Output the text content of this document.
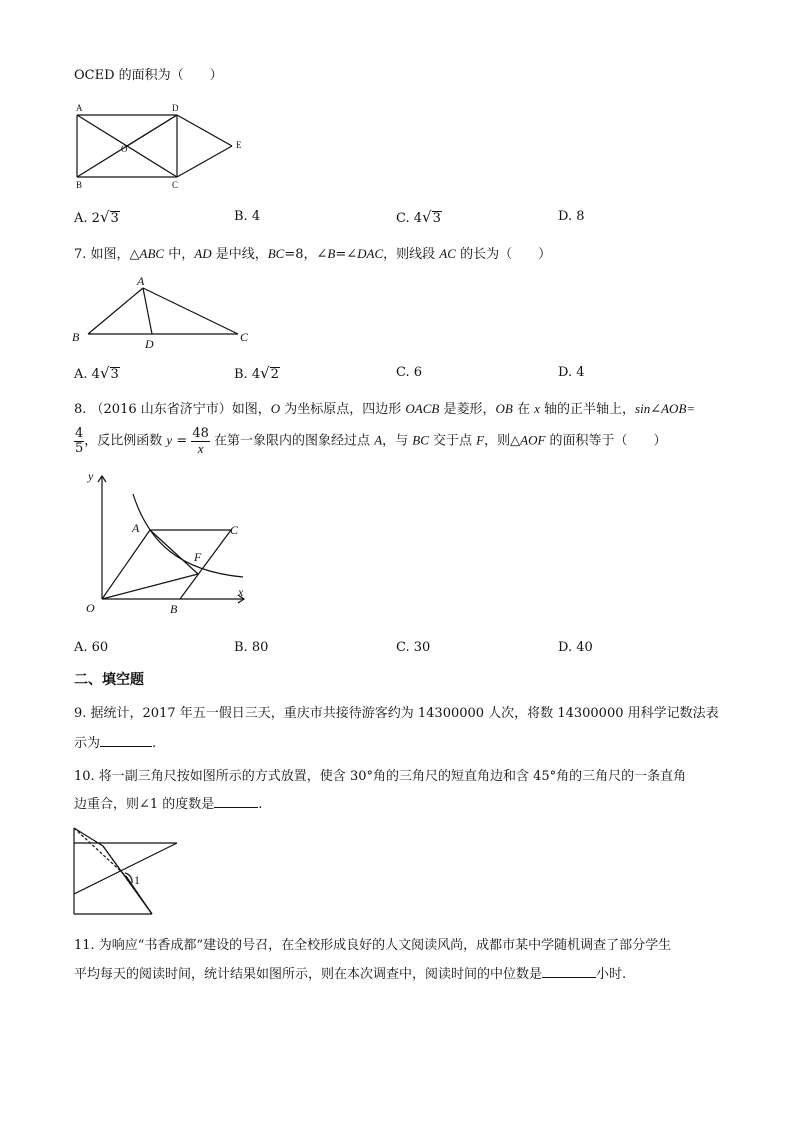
OCED 的面积为（　　）
A	D
O
B	C
E
A. 2√3	B. 4	C. 4√3	D. 8
7. 如图，△ABC 中，AD 是中线，BC=8，∠B=∠DAC，则线段 AC 的长为（　　）
A
B	D	C
A. 4√3	B. 4√2	C. 6	D. 4
8. （2016 山东省济宁市）如图，O 为坐标原点，四边形 OACB 是菱形，OB 在 x 轴的正半轴上，sin∠AOB=
$\frac{4}{5}$ ，反比例函数 $y = \frac{48}{x}$ 在第一象限内的图象经过点 A，与 BC 交于点 F，则△AOF 的面积等于（　　）
y
x
O
A	C
F
B
A. 60	B. 80	C. 30	D. 40
二、填空题
9. 据统计，2017 年五一假日三天，重庆市共接待游客约为 14300000 人次，将数 14300000 用科学记数法表
示为	.
10. 将一副三角尺按如图所示的方式放置，使含 30°角的三角尺的短直角边和含 45°角的三角尺的一条直角
边重合，则∠1 的度数是	.
1
11. 为响应“书香成都”建设的号召，在全校形成良好的人文阅读风尚，成都市某中学随机调查了部分学生
平均每天的阅读时间，统计结果如图所示，则在本次调查中，阅读时间的中位数是	小时.
